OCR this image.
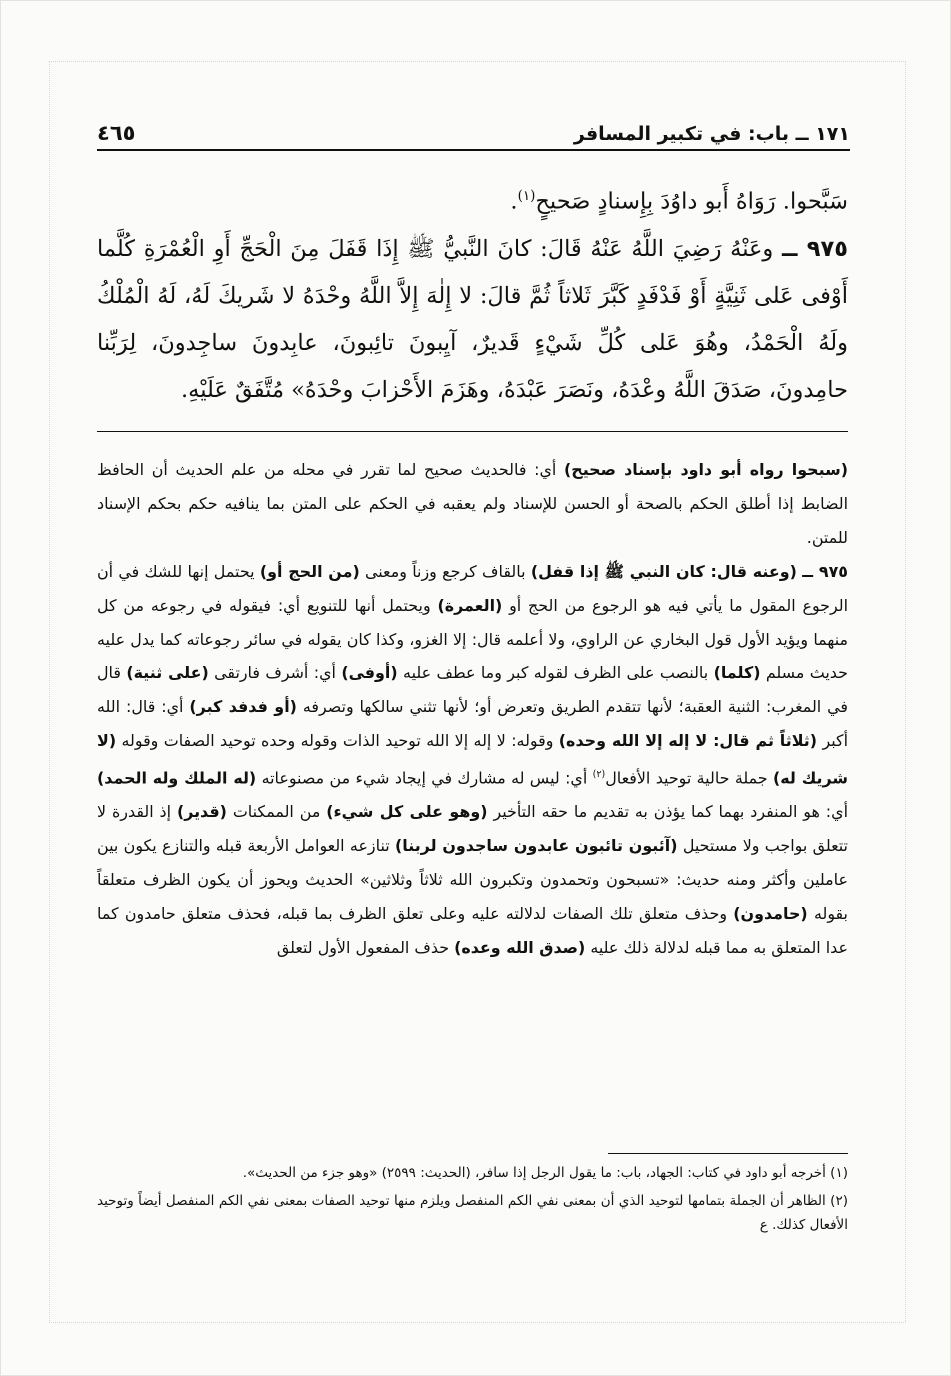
١٧١ ــ باب: في تكبير المسافر
٤٦٥

سَبَّحوا. رَوَاهُ أَبو داوُدَ بِإِسنادٍ صَحيحٍ$^{(١)}$.

٩٧٥ ــ وعَنْهُ رَضِيَ اللَّهُ عَنْهُ قَالَ: كانَ النَّبيُّ ﷺ إِذَا قَفَلَ مِنَ الْحَجِّ أَوِ الْعُمْرَةِ كُلَّما أَوْفى عَلى ثَنِيَّةٍ أَوْ فَدْفَدٍ كَبَّرَ ثَلاثاً ثُمَّ قالَ: لا إِلٰهَ إِلاَّ اللَّهُ وحْدَهُ لا شَريكَ لَهُ، لَهُ الْمُلْكُ ولَهُ الْحَمْدُ، وهُوَ عَلى كُلِّ شَيْءٍ قَديرٌ، آيِبونَ تائِبونَ، عابِدونَ ساجِدونَ، لِرَبِّنا حامِدونَ، صَدَقَ اللَّهُ وعْدَهُ، ونَصَرَ عَبْدَهُ، وهَزَمَ الأَحْزابَ وحْدَهُ» مُتَّفَقٌ عَلَيْهِ.

(سبحوا رواه أبو داود بإسناد صحيح) أي: فالحديث صحيح لما تقرر في محله من علم الحديث أن الحافظ الضابط إذا أطلق الحكم بالصحة أو الحسن للإسناد ولم يعقبه في الحكم على المتن بما ينافيه حكم بحكم الإسناد للمتن.

٩٧٥ ــ (وعنه قال: كان النبي ﷺ إذا قفل) بالقاف كرجع وزناً ومعنى (من الحج أو) يحتمل إنها للشك في أن الرجوع المقول ما يأتي فيه هو الرجوع من الحج أو (العمرة) ويحتمل أنها للتنويع أي: فيقوله في رجوعه من كل منهما ويؤيد الأول قول البخاري عن الراوي، ولا أعلمه قال: إلا الغزو، وكذا كان يقوله في سائر رجوعاته كما يدل عليه حديث مسلم (كلما) بالنصب على الظرف لقوله كبر وما عطف عليه (أوفى) أي: أشرف فارتقى (على ثنية) قال في المغرب: الثنية العقبة؛ لأنها تتقدم الطريق وتعرض أو؛ لأنها تثني سالكها وتصرفه (أو فدفد كبر) أي: قال: الله أكبر (ثلاثاً ثم قال: لا إله إلا الله وحده) وقوله: لا إله إلا الله توحيد الذات وقوله وحده توحيد الصفات وقوله (لا شريك له) جملة حالية توحيد الأفعال$^{(٢)}$ أي: ليس له مشارك في إيجاد شيء من مصنوعاته (له الملك وله الحمد) أي: هو المنفرد بهما كما يؤذن به تقديم ما حقه التأخير (وهو على كل شيء) من الممكنات (قدير) إذ القدرة لا تتعلق بواجب ولا مستحيل (آئبون تائبون عابدون ساجدون لربنا) تنازعه العوامل الأربعة قبله والتنازع يكون بين عاملين وأكثر ومنه حديث: «تسبحون وتحمدون وتكبرون الله ثلاثاً وثلاثين» الحديث ويحوز أن يكون الظرف متعلقاً بقوله (حامدون) وحذف متعلق تلك الصفات لدلالته عليه وعلى تعلق الظرف بما قبله، فحذف متعلق حامدون كما عدا المتعلق به مما قبله لدلالة ذلك عليه (صدق الله وعده) حذف المفعول الأول لتعلق

(١) أخرجه أبو داود في كتاب: الجهاد، باب: ما يقول الرجل إذا سافر، (الحديث: ٢٥٩٩) «وهو جزء من الحديث».

(٢) الظاهر أن الجملة بتمامها لتوحيد الذي أن بمعنى نفي الكم المنفصل ويلزم منها توحيد الصفات بمعنى نفي الكم المنفصل أيضاً وتوحيد الأفعال كذلك. ع
